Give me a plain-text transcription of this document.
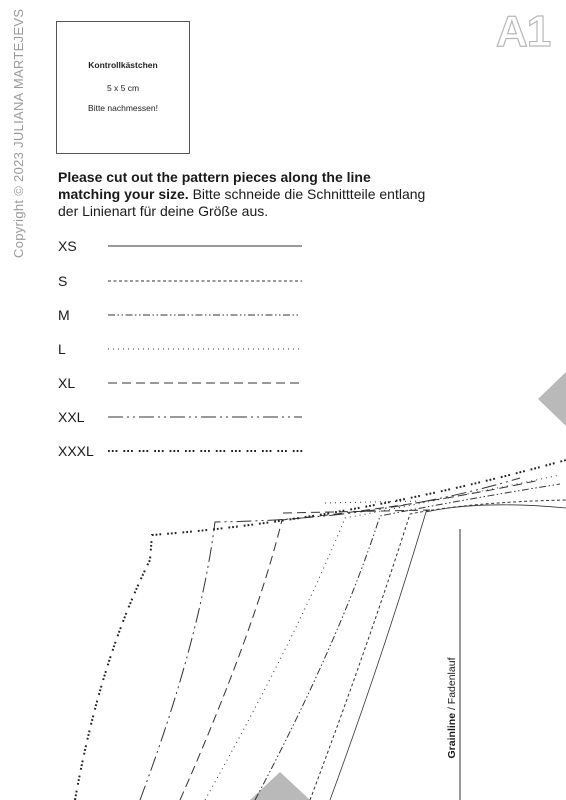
Copyright © 2023 JULIANA MARTEJEVS	A1
Kontrollkästchen
5 x 5 cm
Bitte nachmessen!
Please cut out the pattern pieces along the line matching your size. Bitte schneide die Schnittteile entlang der Linienart für deine Größe aus.
XS
S
M
L
XL
XXL
XXXL
Grainline / Fadenlauf
